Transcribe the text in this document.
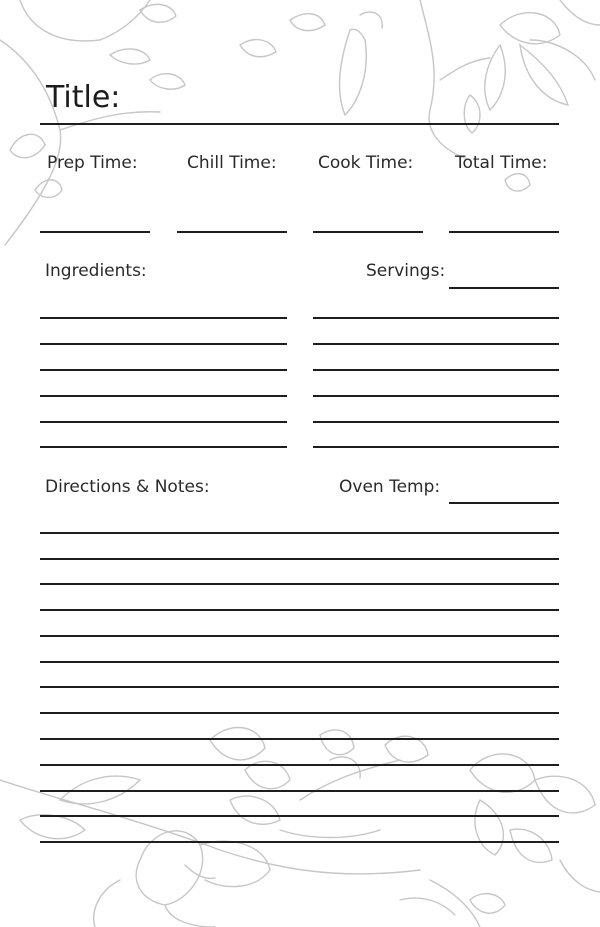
Title:
Prep Time:	Chill Time: Cook Time: Total Time:
Ingredients:	Servings:
Directions & Notes:	Oven Temp:
